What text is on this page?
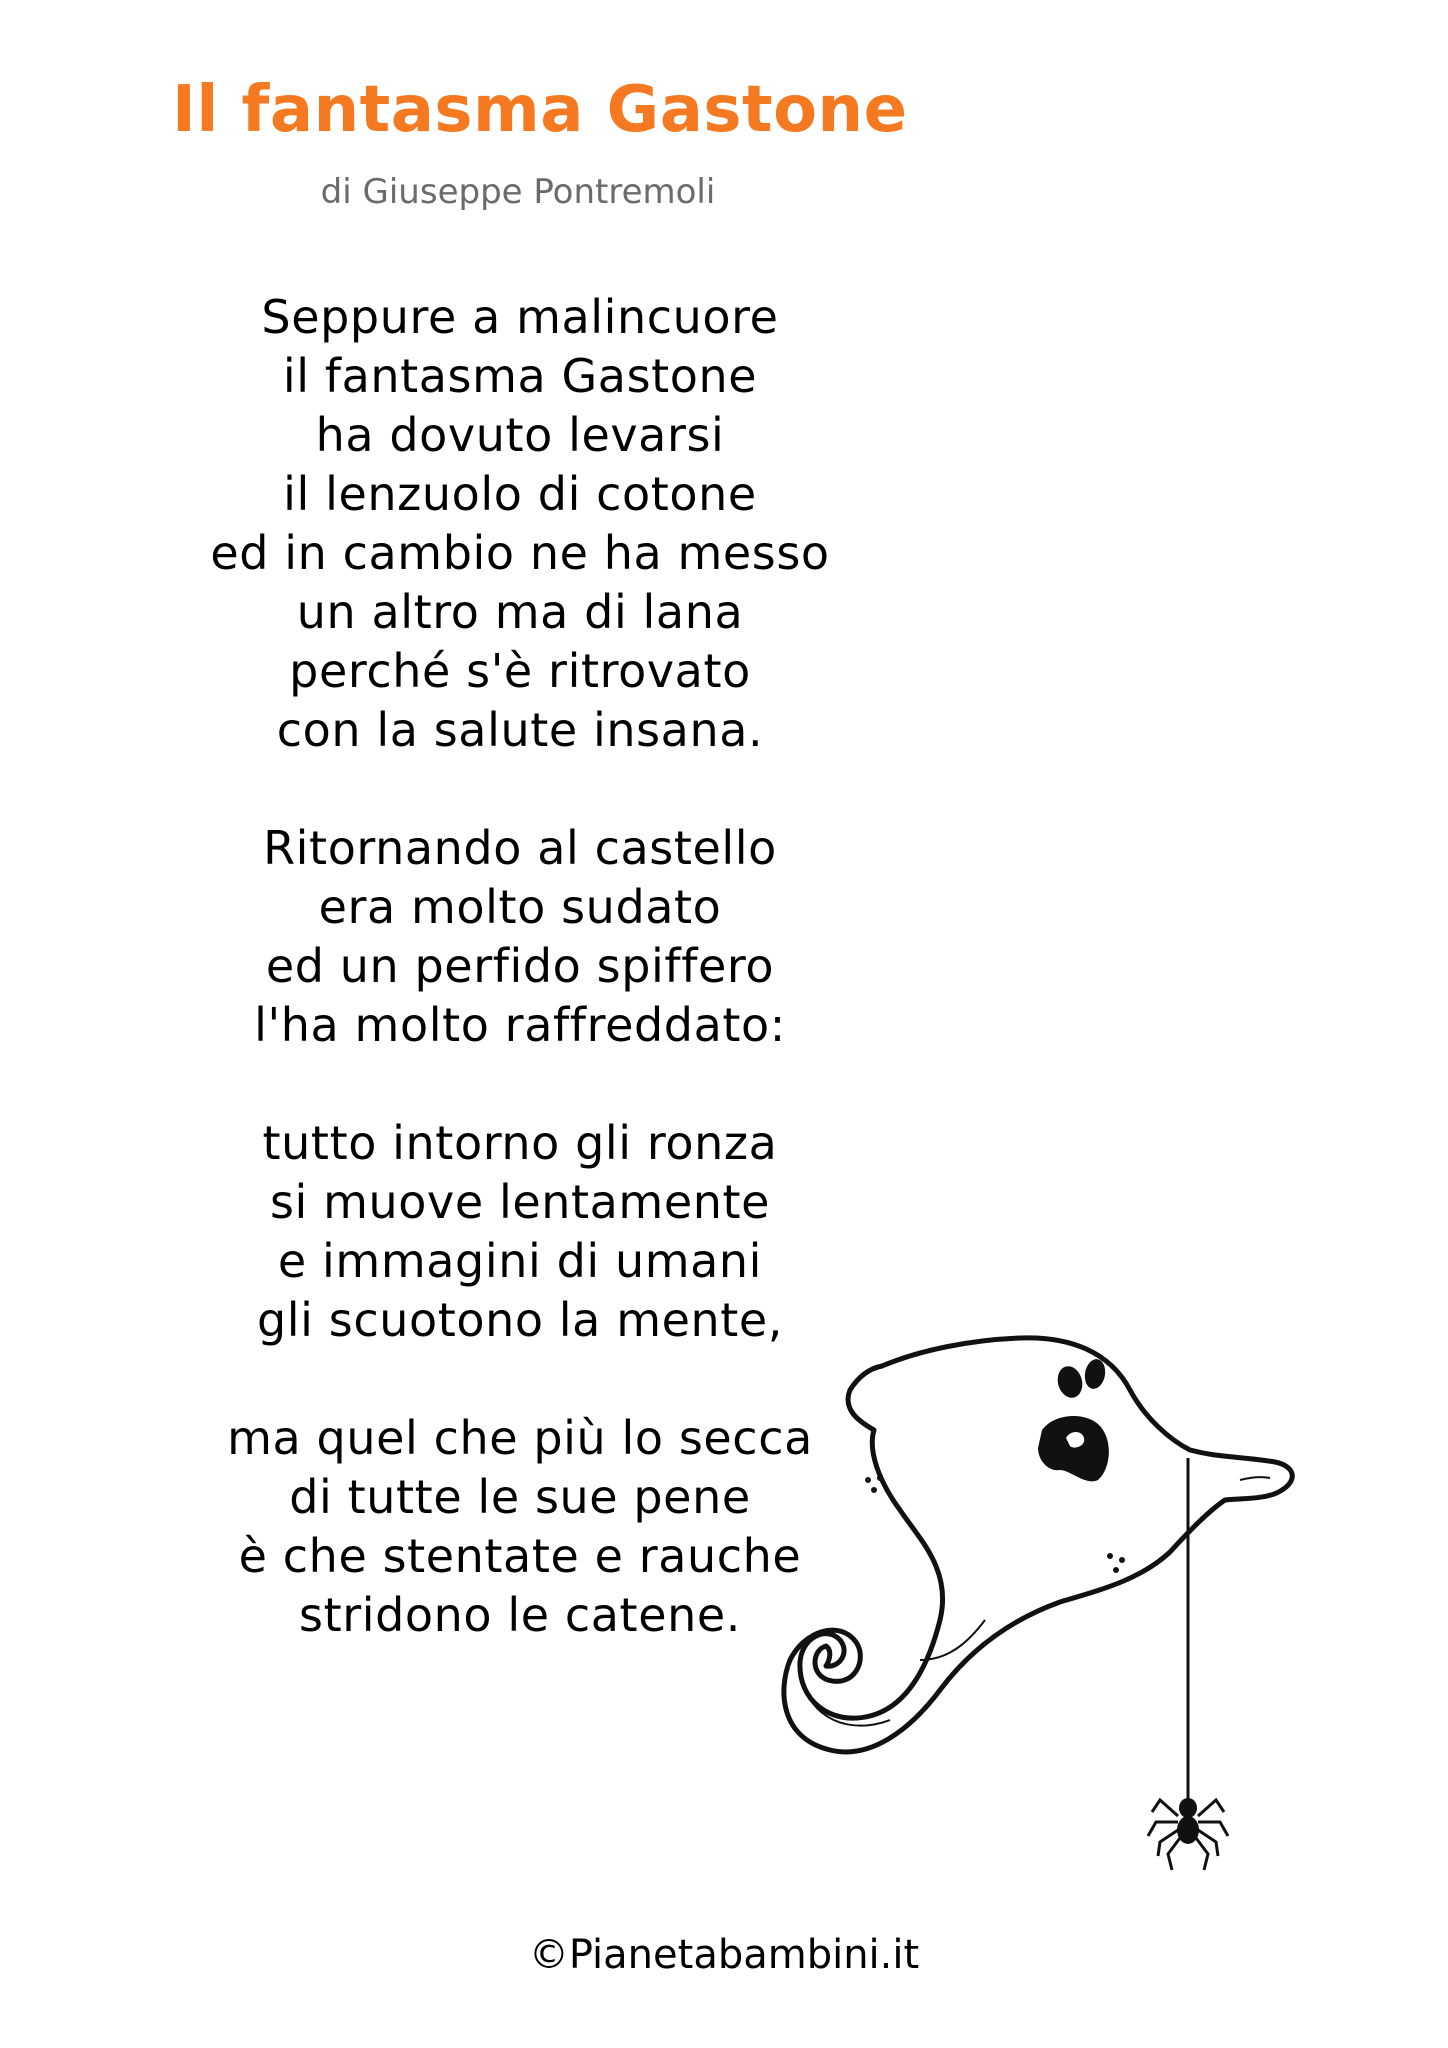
Il fantasma Gastone
di Giuseppe Pontremoli
Seppure a malincuore
il fantasma Gastone
ha dovuto levarsi
il lenzuolo di cotone
ed in cambio ne ha messo
un altro ma di lana
perché s'è ritrovato
con la salute insana.
Ritornando al castello
era molto sudato
ed un perfido spiffero
l'ha molto raffreddato:
tutto intorno gli ronza
si muove lentamente
e immagini di umani
gli scuotono la mente,
ma quel che più lo secca
di tutte le sue pene
è che stentate e rauche
stridono le catene.
©Pianetabambini.it
